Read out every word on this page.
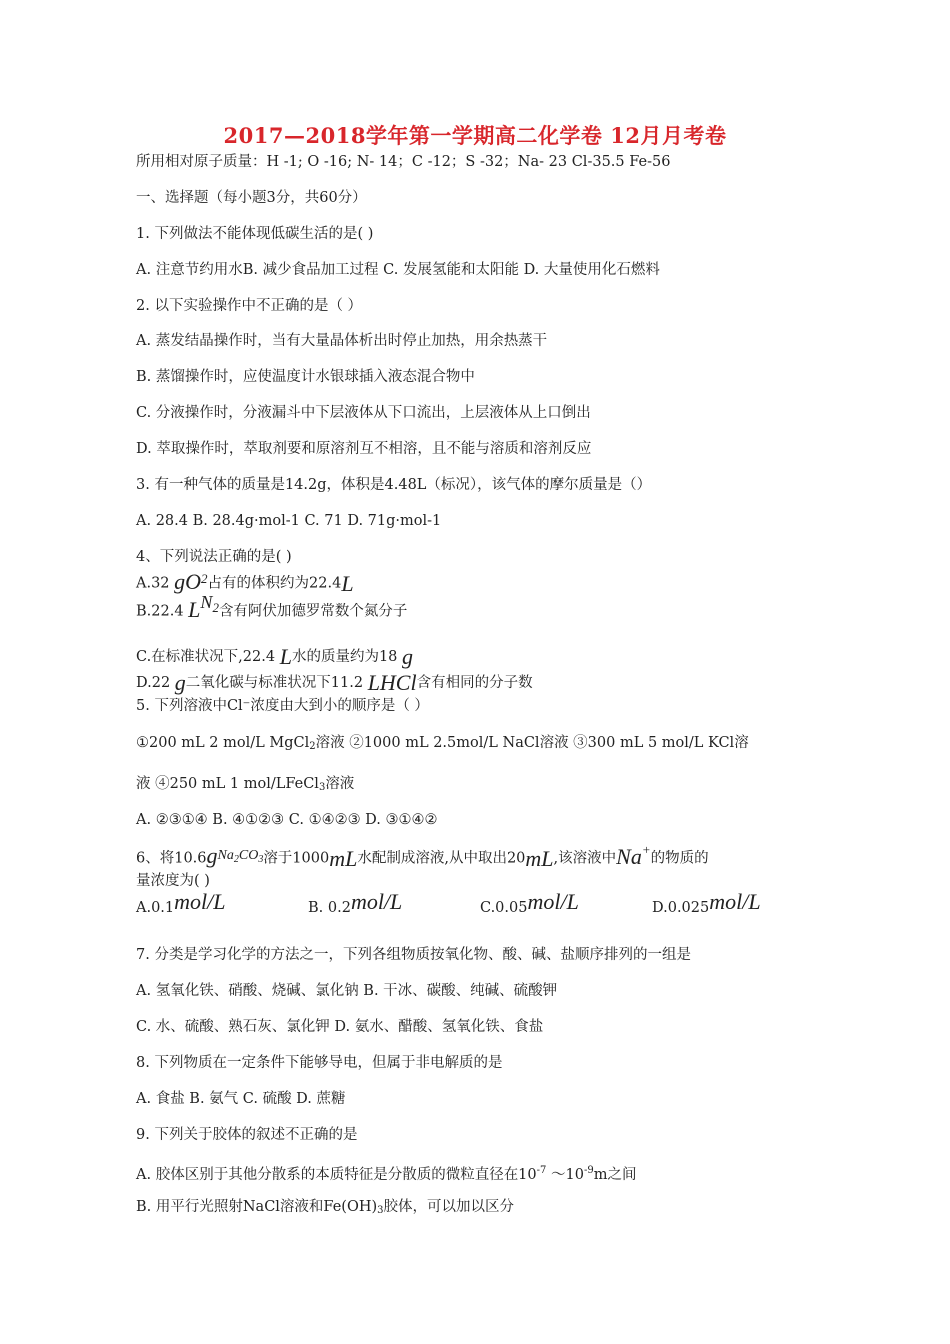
2017—2018学年第一学期高二化学卷 12月月考卷
所用相对原子质量：H -1; O -16; N- 14；C -12；S -32；Na- 23 Cl-35.5 Fe-56
一、选择题（每小题3分，共60分）
1. 下列做法不能体现低碳生活的是( )
A. 注意节约用水B. 减少食品加工过程 C. 发展氢能和太阳能 D. 大量使用化石燃料
2. 以下实验操作中不正确的是（ ）
A. 蒸发结晶操作时，当有大量晶体析出时停止加热，用余热蒸干
B. 蒸馏操作时，应使温度计水银球插入液态混合物中
C. 分液操作时，分液漏斗中下层液体从下口流出，上层液体从上口倒出
D. 萃取操作时，萃取剂要和原溶剂互不相溶，且不能与溶质和溶剂反应
3. 有一种气体的质量是14.2g，体积是4.48L（标况），该气体的摩尔质量是（）
A. 28.4 B. 28.4g·mol-1 C. 71 D. 71g·mol-1
4、下列说法正确的是( )
A.32 $gO^2$占有的体积约为22.4L
B.22.4 $L^{N2}$含有阿伏加德罗常数个氮分子
C.在标准状况下,22.4 L水的质量约为18 g
D.22 g二氧化碳与标准状况下11.2 LHCl含有相同的分子数
5. 下列溶液中Cl⁻浓度由大到小的顺序是（ ）
①200 mL 2 mol/L MgCl$_2$溶液 ②1000 mL 2.5mol/L NaCl溶液 ③300 mL 5 mol/L KCl溶
液 ④250 mL 1 mol/LFeCl$_3$溶液
A. ②③①④ B. ④①②③ C. ①④②③ D. ③①④②
6、将10.6gNa2CO3溶于1000mL水配制成溶液,从中取出20mL,该溶液中Na+的物质的
量浓度为( )
A.0.1mol/L	B. 0.2mol/L	C.0.05mol/L	D.0.025mol/L
7. 分类是学习化学的方法之一，下列各组物质按氧化物、酸、碱、盐顺序排列的一组是
A. 氢氧化铁、硝酸、烧碱、氯化钠 B. 干冰、碳酸、纯碱、硫酸钾
C. 水、硫酸、熟石灰、氯化钾 D. 氨水、醋酸、氢氧化铁、食盐
8. 下列物质在一定条件下能够导电，但属于非电解质的是
A. 食盐 B. 氨气 C. 硫酸 D. 蔗糖
9. 下列关于胶体的叙述不正确的是
A. 胶体区别于其他分散系的本质特征是分散质的微粒直径在$10^{-7}$ $\sim 10^{-9}m$之间
B. 用平行光照射NaCl溶液和$Fe(OH)_3$胶体，可以加以区分
